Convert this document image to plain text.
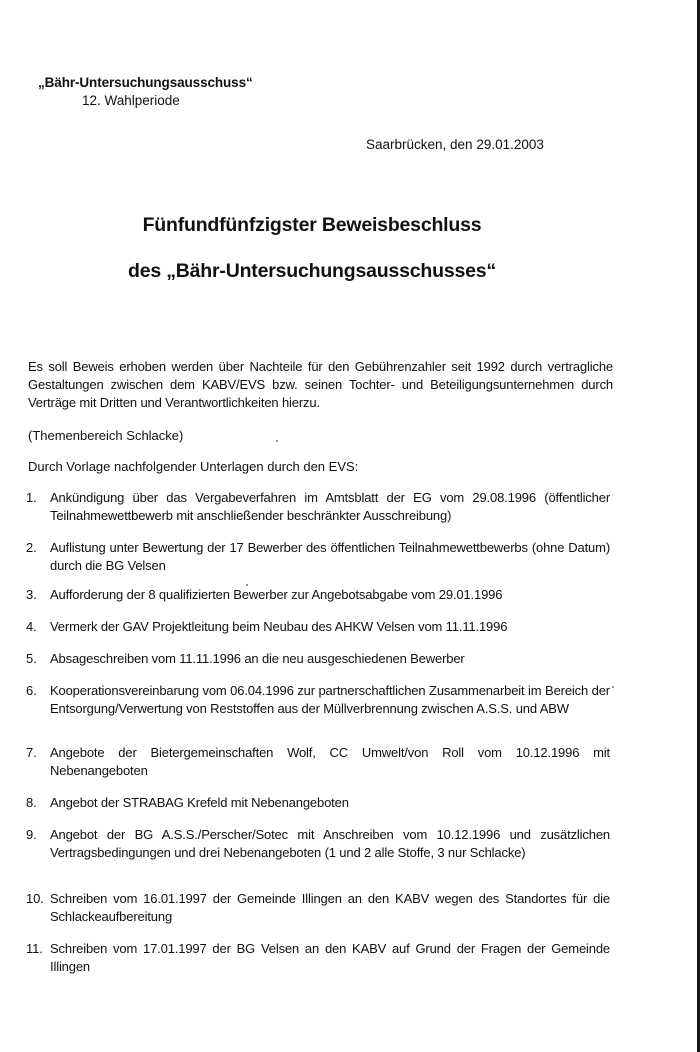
„Bähr-Untersuchungsausschuss“
12. Wahlperiode
Saarbrücken, den 29.01.2003
Fünfundfünfzigster Beweisbeschluss
des „Bähr-Untersuchungsausschusses“
Es soll Beweis erhoben werden über Nachteile für den Gebührenzahler seit 1992 durch vertragliche Gestaltungen zwischen dem KABV/EVS bzw. seinen Tochter- und Beteiligungsunternehmen durch Verträge mit Dritten und Verantwortlichkeiten hierzu.
(Themenbereich Schlacke)
Durch Vorlage nachfolgender Unterlagen durch den EVS:
1.	Ankündigung über das Vergabeverfahren im Amtsblatt der EG vom 29.08.1996 (öffentlicher Teilnahmewettbewerb mit anschließender beschränkter Ausschreibung)
2.	Auflistung unter Bewertung der 17 Bewerber des öffentlichen Teilnahmewettbewerbs (ohne Datum) durch die BG Velsen
3.	Aufforderung der 8 qualifizierten Bewerber zur Angebotsabgabe vom 29.01.1996
4.	Vermerk der GAV Projektleitung beim Neubau des AHKW Velsen vom 11.11.1996
5.	Absageschreiben vom 11.11.1996 an die neu ausgeschiedenen Bewerber
6.	Kooperationsvereinbarung vom 06.04.1996 zur partnerschaftlichen Zusammenarbeit im Bereich der Entsorgung/Verwertung von Reststoffen aus der Müllverbrennung zwischen A.S.S. und ABW
7.	Angebote der Bietergemeinschaften Wolf, CC Umwelt/von Roll vom 10.12.1996 mit Nebenangeboten
8.	Angebot der STRABAG Krefeld mit Nebenangeboten
9.	Angebot der BG A.S.S./Perscher/Sotec mit Anschreiben vom 10.12.1996 und zusätzlichen Vertragsbedingungen und drei Nebenangeboten (1 und 2 alle Stoffe, 3 nur Schlacke)
10. Schreiben vom 16.01.1997 der Gemeinde Illingen an den KABV wegen des Standortes für die Schlackeaufbereitung
11. Schreiben vom 17.01.1997 der BG Velsen an den KABV auf Grund der Fragen der Gemeinde Illingen
